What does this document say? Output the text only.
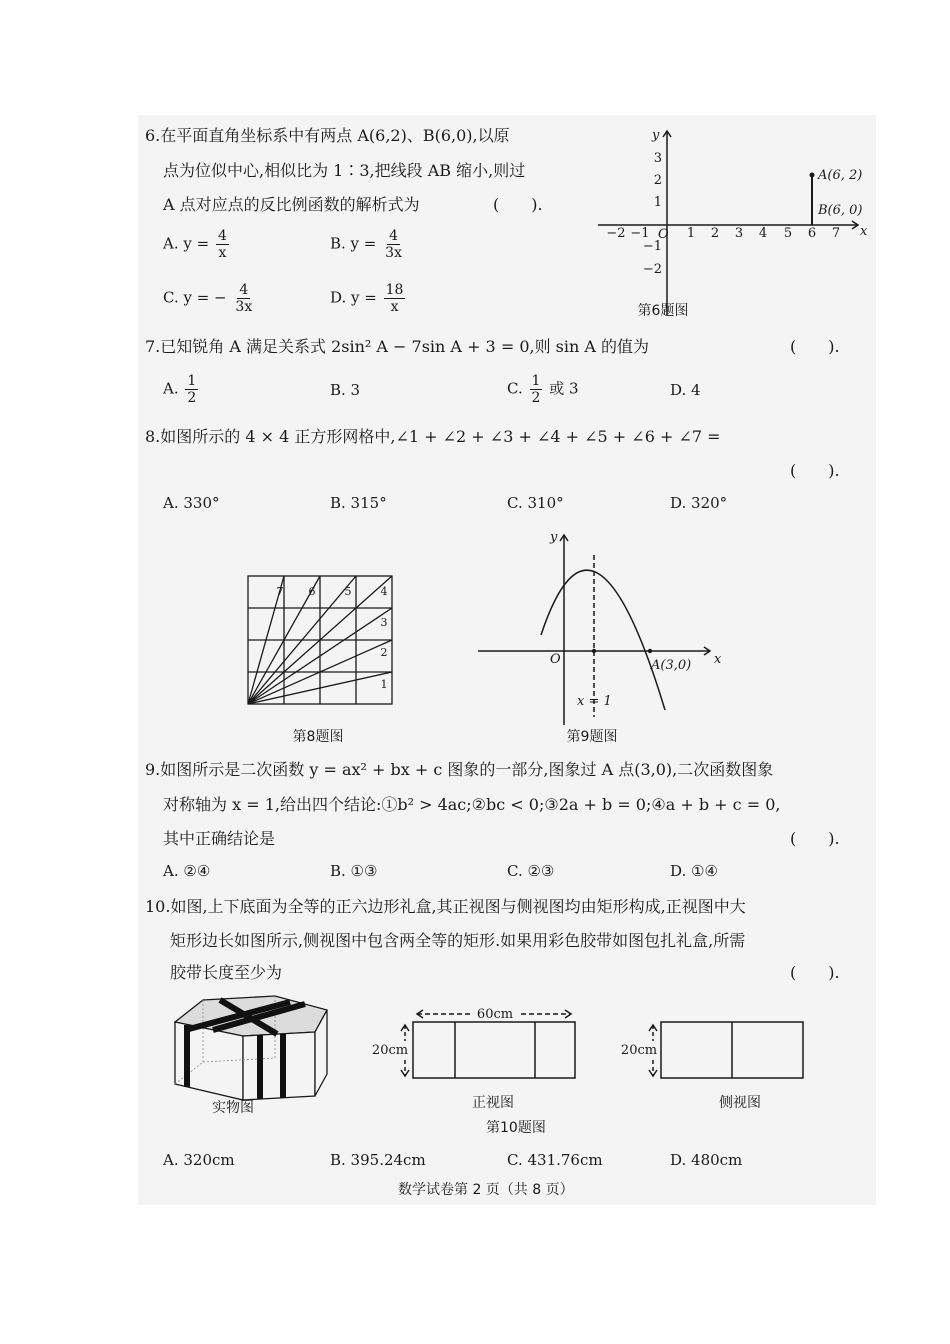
6.在平面直角坐标系中有两点 A(6,2)、B(6,0),以原
点为位似中心,相似比为 1∶3,把线段 AB 缩小,则过
A 点对应点的反比例函数的解析式为	(　　).
A. $y = \frac{4}{x}$	B. $y = \frac{4}{3x}$
C. y = − $\frac{4}{3x}$	D. $y = \frac{18}{x}$
x
y
O
A(6, 2)
B(6, 0)
−2 −1	1 2 3 4 5 6 7
3
2
1
−1
−2
第6题图
7.已知锐角 A 满足关系式 2sin² A − 7sin A + 3 = 0,则 sin A 的值为	(　　).
A. $\frac{1}{2}$	B. 3	C. $\frac{1}{2}$ 或 3	D. 4
8.如图所示的 4 × 4 正方形网格中,∠1 + ∠2 + ∠3 + ∠4 + ∠5 + ∠6 + ∠7 =
(　　).
A. 330°	B. 315°	C. 310°	D. 320°
1
2
3
4
5
6
7
第8题图
y
x
O	A(3,0)
x = 1
第9题图
9.如图所示是二次函数 y = ax² + bx + c 图象的一部分,图象过 A 点(3,0),二次函数图象
对称轴为 x = 1,给出四个结论:①b² > 4ac;②bc < 0;③2a + b = 0;④a + b + c = 0,
其中正确结论是	(　　).
A. ②④	B. ①③	C. ②③	D. ①④
10.如图,上下底面为全等的正六边形礼盒,其正视图与侧视图均由矩形构成,正视图中大
矩形边长如图所示,侧视图中包含两全等的矩形.如果用彩色胶带如图包扎礼盒,所需
胶带长度至少为	(　　).
实物图
60cm
20cm
正视图
20cm
侧视图
第10题图
A. 320cm	B. 395.24cm	C. 431.76cm	D. 480cm
数学试卷第 2 页（共 8 页）
